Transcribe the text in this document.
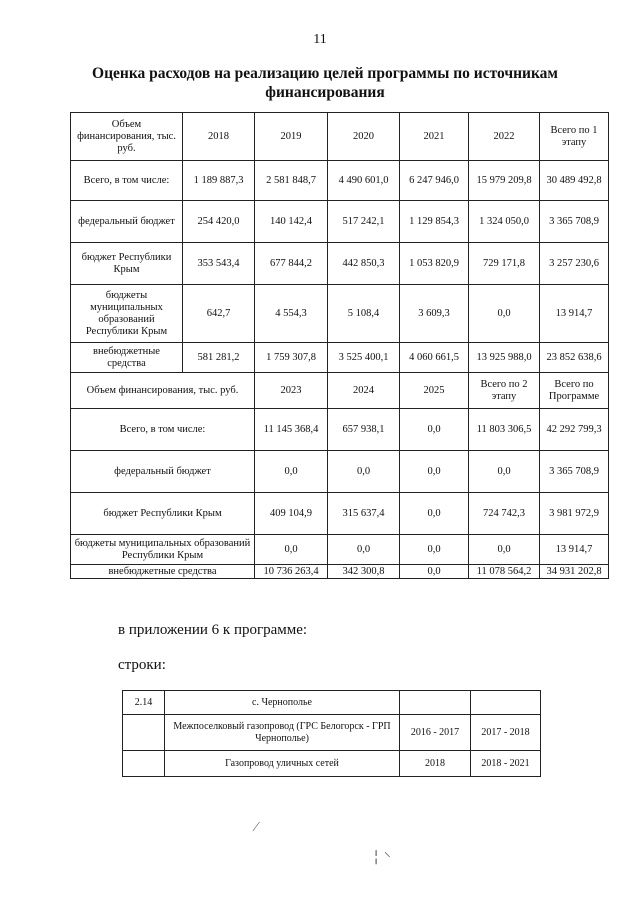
11
Оценка расходов на реализацию целей программы по источникам финансирования
Объем финансирования, тыс. руб.	2018	2019	2020	2021	2022	Всего по 1 этапу
Всего, в том числе:	1 189 887,3	2 581 848,7	4 490 601,0	6 247 946,0	15 979 209,8	30 489 492,8
федеральный бюджет	254 420,0	140 142,4	517 242,1	1 129 854,3	1 324 050,0	3 365 708,9
бюджет Республики Крым	353 543,4	677 844,2	442 850,3	1 053 820,9	729 171,8	3 257 230,6
бюджеты муниципальных образований Республики Крым	642,7	4 554,3	5 108,4	3 609,3	0,0	13 914,7
внебюджетные средства	581 281,2	1 759 307,8	3 525 400,1	4 060 661,5	13 925 988,0	23 852 638,6
Объем финансирования, тыс. руб.		2023	2024	2025	Всего по 2 этапу	Всего по Программе
Всего, в том числе:		11 145 368,4	657 938,1	0,0	11 803 306,5	42 292 799,3
федеральный бюджет		0,0	0,0	0,0	0,0	3 365 708,9
бюджет Республики Крым		409 104,9	315 637,4	0,0	724 742,3	3 981 972,9
бюджеты муниципальных образований Республики Крым		0,0	0,0	0,0	0,0	13 914,7
внебюджетные средства		10 736 263,4	342 300,8	0,0	11 078 564,2	34 931 202,8
в приложении 6 к программе:
строки:
2.14	с. Чернополье		
	Межпоселковый газопровод (ГРС Белогорск - ГРП Чернополье)	2016 - 2017	2017 - 2018
	Газопровод уличных сетей	2018	2018 - 2021
⁄
╎ ⸌
